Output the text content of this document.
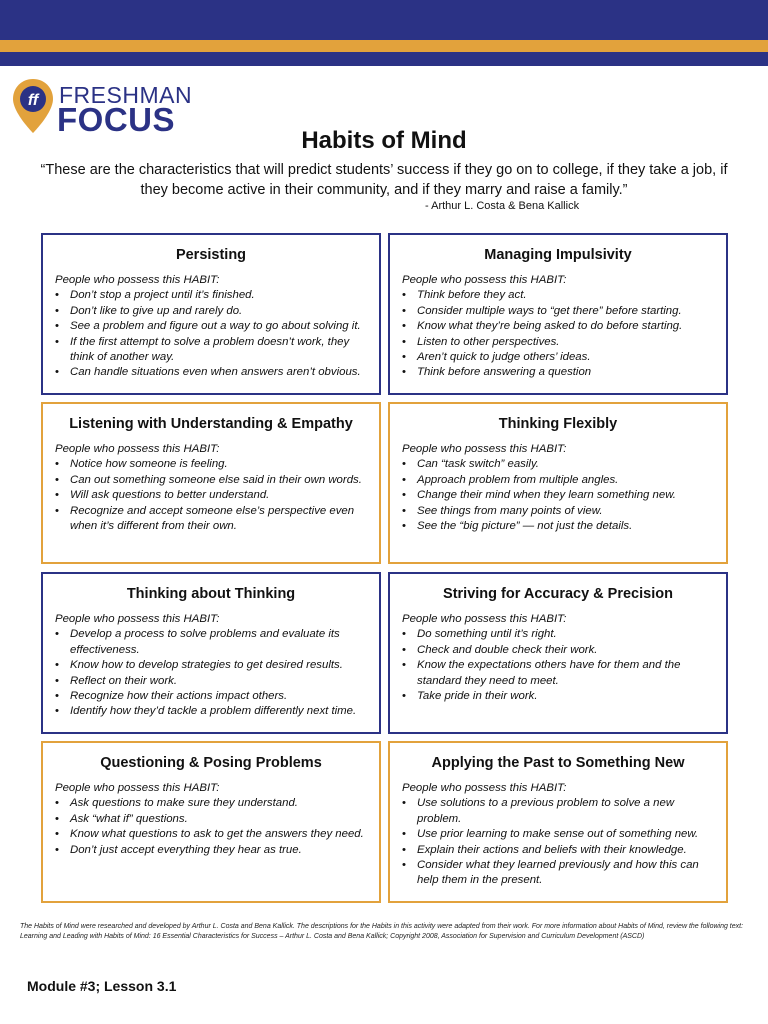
ff FRESHMAN
FOCUS
Habits of Mind
“These are the characteristics that will predict students’ success if they go on to college, if they take a job, if they become active in their community, and if they marry and raise a family.”
- Arthur L. Costa & Bena Kallick
Persisting
People who possess this HABIT:
• Don’t stop a project until it’s finished.
• Don’t like to give up and rarely do.
• See a problem and figure out a way to go about solving it.
• If the first attempt to solve a problem doesn’t work, they think of another way.
• Can handle situations even when answers aren’t obvious.
Managing Impulsivity
People who possess this HABIT:
• Think before they act.
• Consider multiple ways to “get there” before starting.
• Know what they’re being asked to do before starting.
• Listen to other perspectives.
• Aren’t quick to judge others’ ideas.
• Think before answering a question
Listening with Understanding & Empathy
People who possess this HABIT:
• Notice how someone is feeling.
• Can out something someone else said in their own words.
• Will ask questions to better understand.
• Recognize and accept someone else’s perspective even when it’s different from their own.
Thinking Flexibly
People who possess this HABIT:
• Can “task switch” easily.
• Approach problem from multiple angles.
• Change their mind when they learn something new.
• See things from many points of view.
• See the “big picture” — not just the details.
Thinking about Thinking
People who possess this HABIT:
• Develop a process to solve problems and evaluate its effectiveness.
• Know how to develop strategies to get desired results.
• Reflect on their work.
• Recognize how their actions impact others.
• Identify how they’d tackle a problem differently next time.
Striving for Accuracy & Precision
People who possess this HABIT:
• Do something until it’s right.
• Check and double check their work.
• Know the expectations others have for them and the standard they need to meet.
• Take pride in their work.
Questioning & Posing Problems
People who possess this HABIT:
• Ask questions to make sure they understand.
• Ask “what if” questions.
• Know what questions to ask to get the answers they need.
• Don’t just accept everything they hear as true.
Applying the Past to Something New
People who possess this HABIT:
• Use solutions to a previous problem to solve a new problem.
• Use prior learning to make sense out of something new.
• Explain their actions and beliefs with their knowledge.
• Consider what they learned previously and how this can help them in the present.
The Habits of Mind were researched and developed by Arthur L. Costa and Bena Kallick. The descriptions for the Habits in this activity were adapted from their work. For more information about Habits of Mind, review the following text: Learning and Leading with Habits of Mind: 16 Essential Characteristics for Success – Arthur L. Costa and Bena Kallick; Copyright 2008, Association for Supervision and Curriculum Development (ASCD)
Module #3; Lesson 3.1
